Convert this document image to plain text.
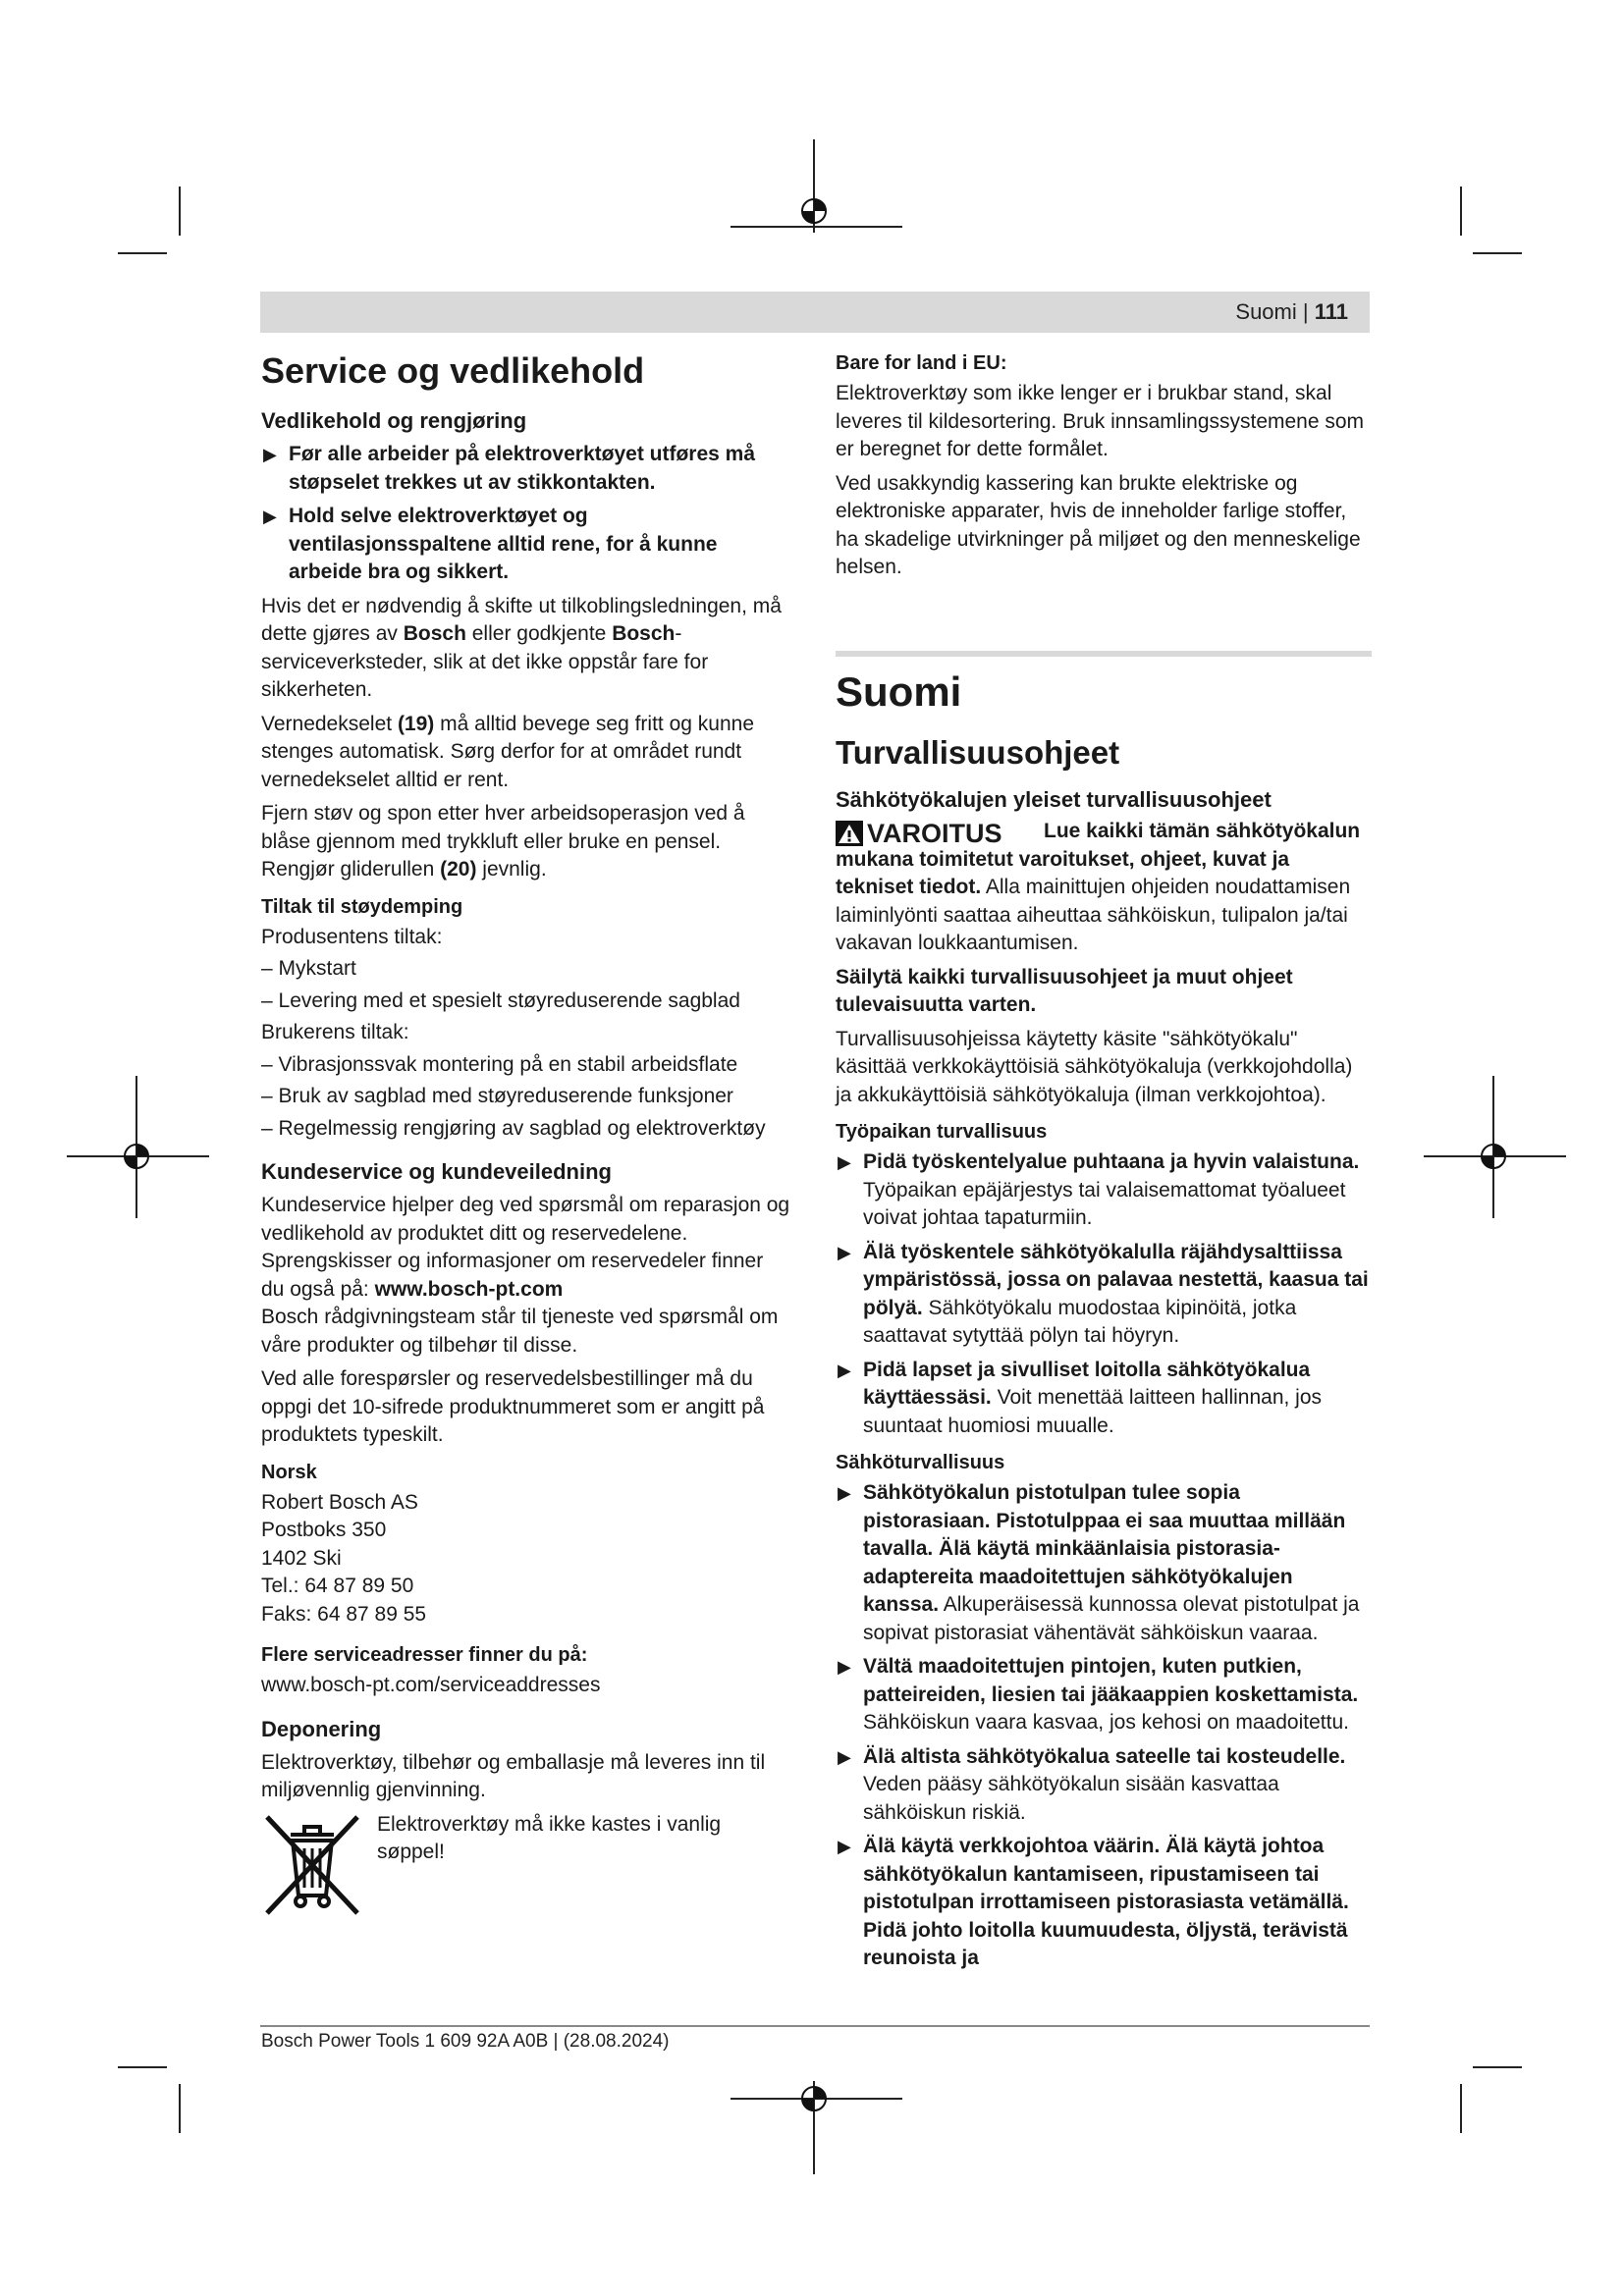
Suomi | 111
Service og vedlikehold
Vedlikehold og rengjøring
▶ Før alle arbeider på elektroverktøyet utføres må støpselet trekkes ut av stikkontakten.
▶ Hold selve elektroverktøyet og ventilasjonsspaltene alltid rene, for å kunne arbeide bra og sikkert.

Hvis det er nødvendig å skifte ut tilkoblingsledningen, må dette gjøres av Bosch eller godkjente Bosch-serviceverksteder, slik at det ikke oppstår fare for sikkerheten.

Vernedekselet (19) må alltid bevege seg fritt og kunne stenges automatisk. Sørg derfor for at området rundt vernedekselet alltid er rent.

Fjern støv og spon etter hver arbeidsoperasjon ved å blåse gjennom med trykkluft eller bruke en pensel.

Rengjør gliderullen (20) jevnlig.

Tiltak til støydemping

Produsentens tiltak:

– Mykstart

– Levering med et spesielt støyreduserende sagblad

Brukerens tiltak:

– Vibrasjonssvak montering på en stabil arbeidsflate

– Bruk av sagblad med støyreduserende funksjoner

– Regelmessig rengjøring av sagblad og elektroverktøy

Kundeservice og kundeveiledning

Kundeservice hjelper deg ved spørsmål om reparasjon og vedlikehold av produktet ditt og reservedelene.

Sprengskisser og informasjoner om reservedeler finner du også på: www.bosch-pt.com

Bosch rådgivningsteam står til tjeneste ved spørsmål om våre produkter og tilbehør til disse.

Ved alle forespørsler og reservedelsbestillinger må du oppgi det 10-sifrede produktnummeret som er angitt på produktets typeskilt.

Norsk
Robert Bosch AS
Postboks 350
1402 Ski
Tel.: 64 87 89 50
Faks: 64 87 89 55
Flere serviceadresser finner du på:

www.bosch-pt.com/serviceaddresses

Deponering

Elektroverktøy, tilbehør og emballasje må leveres inn til miljøvennlig gjenvinning.

Elektroverktøy må ikke kastes i vanlig søppel!
Bare for land i EU:

Elektroverktøy som ikke lenger er i brukbar stand, skal leveres til kildesortering. Bruk innsamlingssystemene som er beregnet for dette formålet.

Ved usakkyndig kassering kan brukte elektriske og elektroniske apparater, hvis de inneholder farlige stoffer, ha skadelige utvirkninger på miljøet og den menneskelige helsen.

Suomi
Turvallisuusohjeet
Sähkötyökalujen yleiset turvallisuusohjeet
VAROITUS	Lue kaikki tämän sähkötyökalun mukana toimitetut varoitukset, ohjeet, kuvat ja tekniset tiedot. Alla mainittujen ohjeiden noudattamisen laiminlyönti saattaa aiheuttaa sähköiskun, tulipalon ja/tai vakavan loukkaantumisen.

Säilytä kaikki turvallisuusohjeet ja muut ohjeet tulevaisuutta varten.

Turvallisuusohjeissa käytetty käsite "sähkötyökalu" käsittää verkkokäyttöisiä sähkötyökaluja (verkkojohdolla) ja akkukäyttöisiä sähkötyökaluja (ilman verkkojohtoa).

Työpaikan turvallisuus
▶ Pidä työskentelyalue puhtaana ja hyvin valaistuna. Työpaikan epäjärjestys tai valaisemattomat työalueet voivat johtaa tapaturmiin.
▶ Älä työskentele sähkötyökalulla räjähdysalttiissa ympäristössä, jossa on palavaa nestettä, kaasua tai pölyä. Sähkötyökalu muodostaa kipinöitä, jotka saattavat sytyttää pölyn tai höyryn.
▶ Pidä lapset ja sivulliset loitolla sähkötyökalua käyttäessäsi. Voit menettää laitteen hallinnan, jos suuntaat huomiosi muualle.
Sähköturvallisuus
▶ Sähkötyökalun pistotulpan tulee sopia pistorasiaan. Pistotulppaa ei saa muuttaa millään tavalla. Älä käytä minkäänlaisia pistorasia-adaptereita maadoitettujen sähkötyökalujen kanssa. Alkuperäisessä kunnossa olevat pistotulpat ja sopivat pistorasiat vähentävät sähköiskun vaaraa.
▶ Vältä maadoitettujen pintojen, kuten putkien, patteireiden, liesien tai jääkaappien koskettamista. Sähköiskun vaara kasvaa, jos kehosi on maadoitettu.
▶ Älä altista sähkötyökalua sateelle tai kosteudelle. Veden pääsy sähkötyökalun sisään kasvattaa sähköiskun riskiä.
▶ Älä käytä verkkojohtoa väärin. Älä käytä johtoa sähkötyökalun kantamiseen, ripustamiseen tai pistotulpan irrottamiseen pistorasiasta vetämällä. Pidä johto loitolla kuumuudesta, öljystä, terävistä reunoista ja
Bosch Power Tools 1 609 92A A0B | (28.08.2024)
